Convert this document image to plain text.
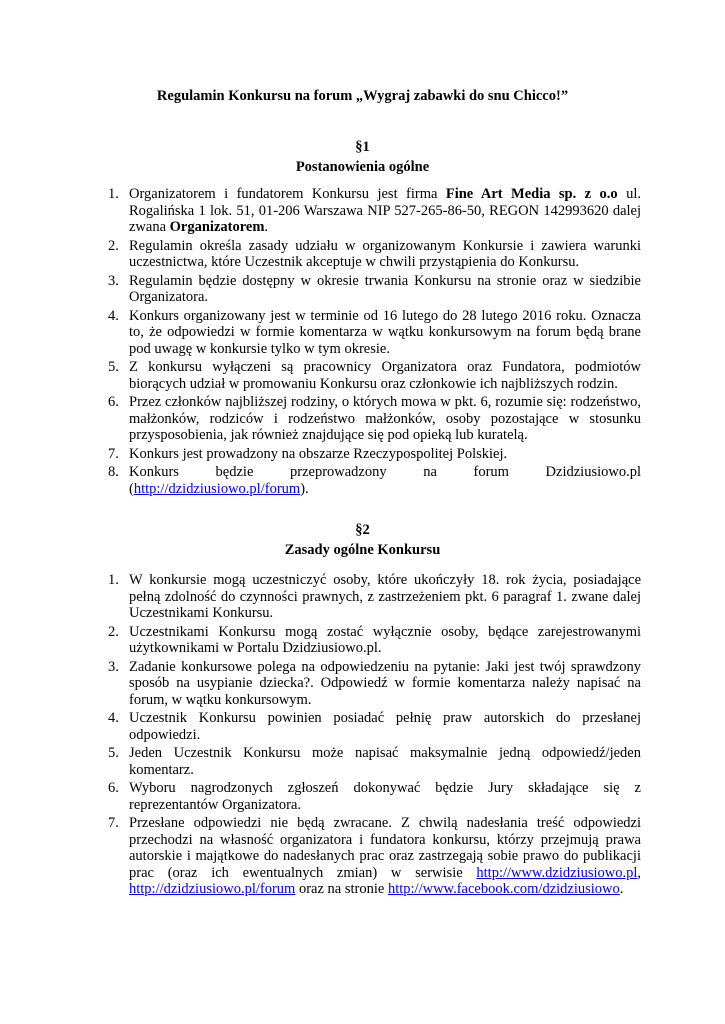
Regulamin Konkursu na forum „Wygraj zabawki do snu Chicco!”

§1
Postanowienia ogólne
1. Organizatorem i fundatorem Konkursu jest firma Fine Art Media sp. z o.o ul. Rogalińska 1 lok. 51, 01-206 Warszawa NIP 527-265-86-50, REGON 142993620 dalej zwana Organizatorem.
2. Regulamin określa zasady udziału w organizowanym Konkursie i zawiera warunki uczestnictwa, które Uczestnik akceptuje w chwili przystąpienia do Konkursu.
3. Regulamin będzie dostępny w okresie trwania Konkursu na stronie oraz w siedzibie Organizatora.
4. Konkurs organizowany jest w terminie od 16 lutego do 28 lutego 2016 roku. Oznacza to, że odpowiedzi w formie komentarza w wątku konkursowym na forum będą brane pod uwagę w konkursie tylko w tym okresie.
5. Z konkursu wyłączeni są pracownicy Organizatora oraz Fundatora, podmiotów biorących udział w promowaniu Konkursu oraz członkowie ich najbliższych rodzin.
6. Przez członków najbliższej rodziny, o których mowa w pkt. 6, rozumie się: rodzeństwo, małżonków, rodziców i rodzeństwo małżonków, osoby pozostające w stosunku przysposobienia, jak również znajdujące się pod opieką lub kuratelą.
7. Konkurs jest prowadzony na obszarze Rzeczypospolitej Polskiej.
8. Konkurs będzie przeprowadzony na forum Dzidziusiowo.pl
(http://dzidziusiowo.pl/forum).
§2
Zasady ogólne Konkursu
1. W konkursie mogą uczestniczyć osoby, które ukończyły 18. rok życia, posiadające pełną zdolność do czynności prawnych, z zastrzeżeniem pkt. 6 paragraf 1. zwane dalej Uczestnikami Konkursu.
2. Uczestnikami Konkursu mogą zostać wyłącznie osoby, będące zarejestrowanymi użytkownikami w Portalu Dzidziusiowo.pl.
3. Zadanie konkursowe polega na odpowiedzeniu na pytanie: Jaki jest twój sprawdzony sposób na usypianie dziecka?. Odpowiedź w formie komentarza należy napisać na forum, w wątku konkursowym.
4. Uczestnik Konkursu powinien posiadać pełnię praw autorskich do przesłanej odpowiedzi.
5. Jeden Uczestnik Konkursu może napisać maksymalnie jedną odpowiedź/jeden komentarz.
6. Wyboru nagrodzonych zgłoszeń dokonywać będzie Jury składające się z reprezentantów Organizatora.
7. Przesłane odpowiedzi nie będą zwracane. Z chwilą nadesłania treść odpowiedzi przechodzi na własność organizatora i fundatora konkursu, którzy przejmują prawa autorskie i majątkowe do nadesłanych prac oraz zastrzegają sobie prawo do publikacji prac (oraz ich ewentualnych zmian) w serwisie http://www.dzidziusiowo.pl, http://dzidziusiowo.pl/forum oraz na stronie http://www.facebook.com/dzidziusiowo.
